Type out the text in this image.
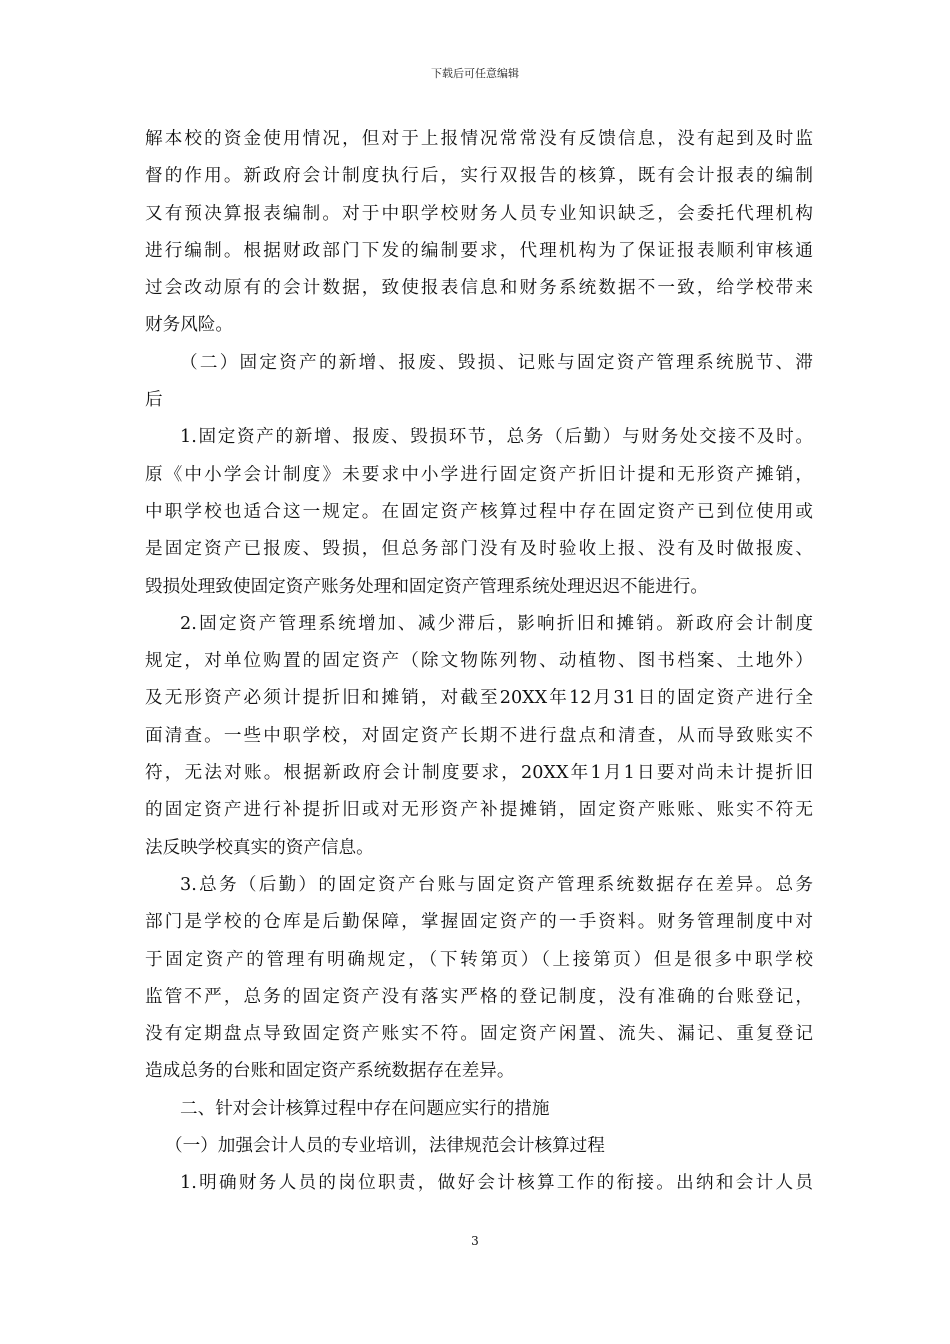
下载后可任意编辑
解本校的资金使用情况，但对于上报情况常常没有反馈信息，没有起到及时监
督的作用。新政府会计制度执行后，实行双报告的核算，既有会计报表的编制
又有预决算报表编制。对于中职学校财务人员专业知识缺乏，会委托代理机构
进行编制。根据财政部门下发的编制要求，代理机构为了保证报表顺利审核通
过会改动原有的会计数据，致使报表信息和财务系统数据不一致，给学校带来
财务风险。
（二）固定资产的新增、报废、毁损、记账与固定资产管理系统脱节、滞
后
1.固定资产的新增、报废、毁损环节，总务（后勤）与财务处交接不及时。
原《中小学会计制度》未要求中小学进行固定资产折旧计提和无形资产摊销，
中职学校也适合这一规定。在固定资产核算过程中存在固定资产已到位使用或
是固定资产已报废、毁损，但总务部门没有及时验收上报、没有及时做报废、
毁损处理致使固定资产账务处理和固定资产管理系统处理迟迟不能进行。
2.固定资产管理系统增加、减少滞后，影响折旧和摊销。新政府会计制度
规定，对单位购置的固定资产（除文物陈列物、动植物、图书档案、土地外）
及无形资产必须计提折旧和摊销，对截至20XX年12月31日的固定资产进行全
面清查。一些中职学校，对固定资产长期不进行盘点和清查，从而导致账实不
符，无法对账。根据新政府会计制度要求，20XX年1月1日要对尚未计提折旧
的固定资产进行补提折旧或对无形资产补提摊销，固定资产账账、账实不符无
法反映学校真实的资产信息。
3.总务（后勤）的固定资产台账与固定资产管理系统数据存在差异。总务
部门是学校的仓库是后勤保障，掌握固定资产的一手资料。财务管理制度中对
于固定资产的管理有明确规定，（下转第页）（上接第页）但是很多中职学校
监管不严，总务的固定资产没有落实严格的登记制度，没有准确的台账登记，
没有定期盘点导致固定资产账实不符。固定资产闲置、流失、漏记、重复登记
造成总务的台账和固定资产系统数据存在差异。
二、针对会计核算过程中存在问题应实行的措施
（一）加强会计人员的专业培训，法律规范会计核算过程
1.明确财务人员的岗位职责，做好会计核算工作的衔接。出纳和会计人员
3
